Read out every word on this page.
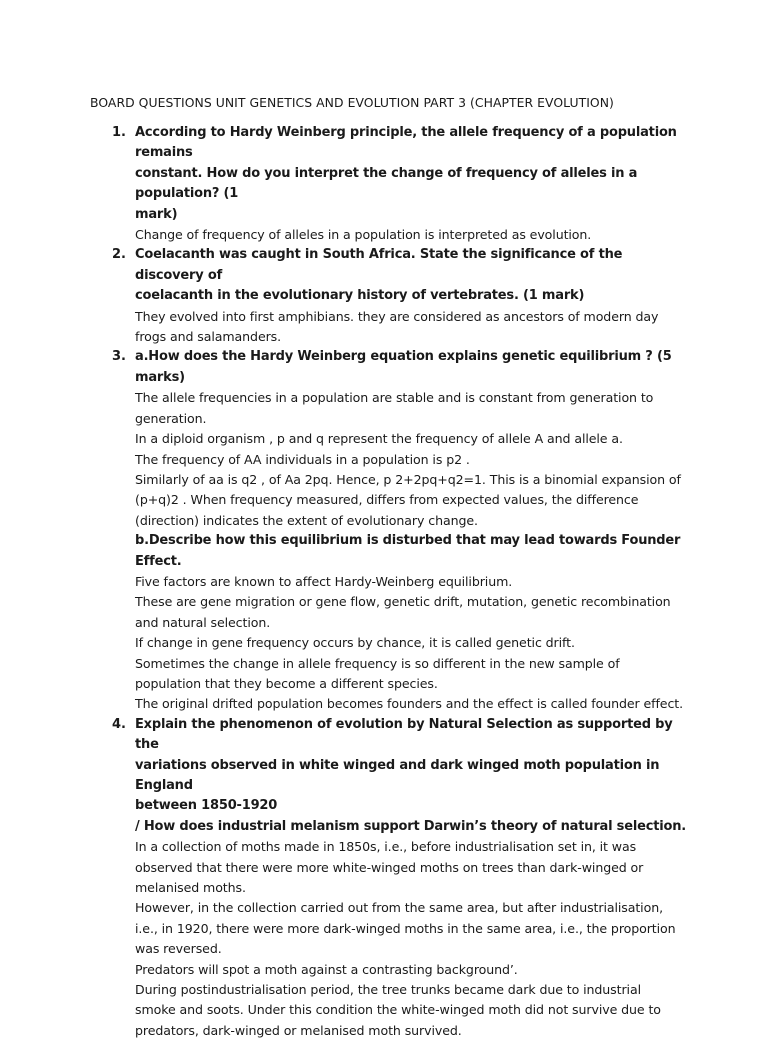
BOARD QUESTIONS UNIT GENETICS AND EVOLUTION PART 3 (CHAPTER EVOLUTION)
1. According to Hardy Weinberg principle, the allele frequency of a population remains

constant. How do you interpret the change of frequency of alleles in a population? (1

mark)

Change of frequency of alleles in a population is interpreted as evolution.

2. Coelacanth was caught in South Africa. State the significance of the discovery of

coelacanth in the evolutionary history of vertebrates. (1 mark)

They evolved into first amphibians. they are considered as ancestors of modern day

frogs and salamanders.

3. a.How does the Hardy Weinberg equation explains genetic equilibrium ? (5 marks)

The allele frequencies in a population are stable and is constant from generation to

generation.

In a diploid organism , p and q represent the frequency of allele A and allele a.

The frequency of AA individuals in a population is p2 .

Similarly of aa is q2 , of Aa 2pq. Hence, p 2+2pq+q2=1. This is a binomial expansion of

(p+q)2 . When frequency measured, differs from expected values, the difference

(direction) indicates the extent of evolutionary change.

b.Describe how this equilibrium is disturbed that may lead towards Founder Effect.

Five factors are known to affect Hardy-Weinberg equilibrium.

These are gene migration or gene flow, genetic drift, mutation, genetic recombination

and natural selection.

If change in gene frequency occurs by chance, it is called genetic drift.

Sometimes the change in allele frequency is so different in the new sample of

population that they become a different species.

The original drifted population becomes founders and the effect is called founder effect.

4. Explain the phenomenon of evolution by Natural Selection as supported by the

variations observed in white winged and dark winged moth population in England

between 1850-1920

/ How does industrial melanism support Darwin’s theory of natural selection.

In a collection of moths made in 1850s, i.e., before industrialisation set in, it was

observed that there were more white-winged moths on trees than dark-winged or

melanised moths.

However, in the collection carried out from the same area, but after industrialisation,

i.e., in 1920, there were more dark-winged moths in the same area, i.e., the proportion

was reversed.

Predators will spot a moth against a contrasting background’.

During postindustrialisation period, the tree trunks became dark due to industrial

smoke and soots. Under this condition the white-winged moth did not survive due to

predators, dark-winged or melanised moth survived.
